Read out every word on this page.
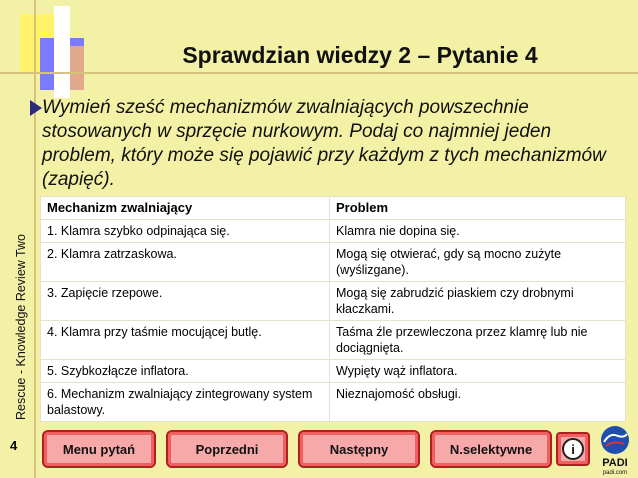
Sprawdzian wiedzy 2 – Pytanie 4
Wymień sześć mechanizmów zwalniających powszechnie stosowanych w sprzęcie nurkowym. Podaj co najmniej jeden problem, który może się pojawić przy każdym z tych mechanizmów (zapięć).
Mechanizm zwalniający	Problem
1. Klamra szybko odpinająca się.	Klamra nie dopina się.
2. Klamra zatrzaskowa.	Mogą się otwierać, gdy są mocno zużyte (wyślizgane).
3. Zapięcie rzepowe.	Mogą się zabrudzić piaskiem czy drobnymi kłaczkami.
4. Klamra przy taśmie mocującej butlę.	Taśma źle przewleczona przez klamrę lub nie dociągnięta.
5. Szybkozłącze inflatora.	Wypięty wąż inflatora.
6. Mechanizm zwalniający zintegrowany system balastowy.	Nieznajomość obsługi.
Rescue - Knowledge Review Two
4	Menu pytań	Poprzedni	Następny	N.selektywne	i
PADI
padi.com
